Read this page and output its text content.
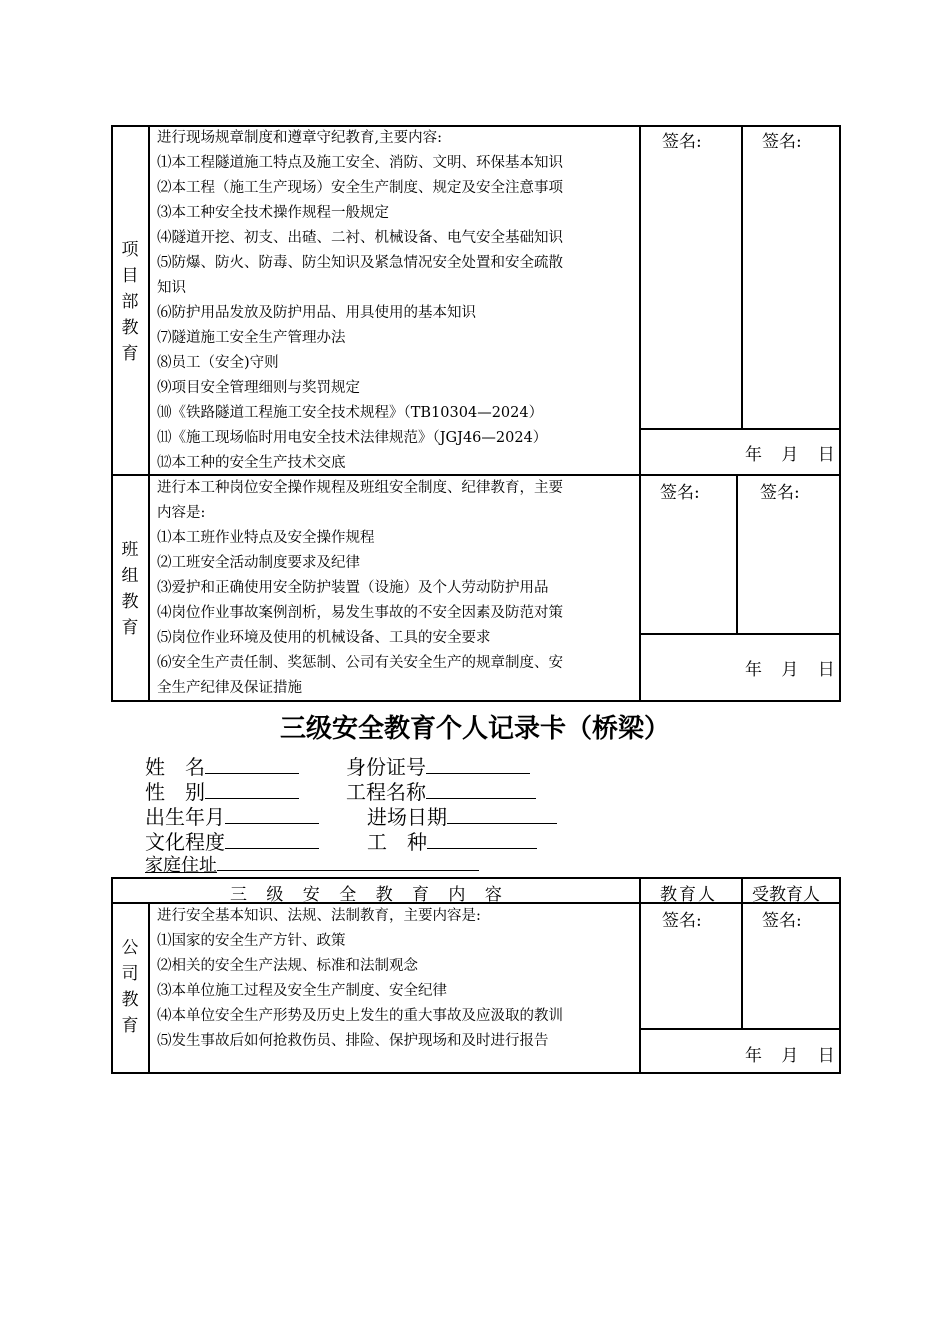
项目部教育
进行现场规章制度和遵章守纪教育,主要内容:
⑴本工程隧道施工特点及施工安全、消防、文明、环保基本知识
⑵本工程（施工生产现场）安全生产制度、规定及安全注意事项
⑶本工种安全技术操作规程一般规定
⑷隧道开挖、初支、出碴、二衬、机械设备、电气安全基础知识
⑸防爆、防火、防毒、防尘知识及紧急情况安全处置和安全疏散
知识
⑹防护用品发放及防护用品、用具使用的基本知识
⑺隧道施工安全生产管理办法
⑻员工（安全)守则
⑼项目安全管理细则与奖罚规定
⑽《铁路隧道工程施工安全技术规程》（TB10304—2024）
⑾《施工现场临时用电安全技术法律规范》（JGJ46—2024）
⑿本工种的安全生产技术交底
签名:	签名:
年 月 日
班组教育
进行本工种岗位安全操作规程及班组安全制度、纪律教育，主要
内容是:
⑴本工班作业特点及安全操作规程
⑵工班安全活动制度要求及纪律
⑶爱护和正确使用安全防护装置（设施）及个人劳动防护用品
⑷岗位作业事故案例剖析，易发生事故的不安全因素及防范对策
⑸岗位作业环境及使用的机械设备、工具的安全要求
⑹安全生产责任制、奖惩制、公司有关安全生产的规章制度、安
全生产纪律及保证措施
签名:	签名:
年 月 日
三级安全教育个人记录卡（桥梁）
姓　名	身份证号
性　别	工程名称
出生年月	进场日期
文化程度	工　种
家庭住址
三 级 安 全 教 育 内 容	教育人 受教育人
公司教育
进行安全基本知识、法规、法制教育，主要内容是:
⑴国家的安全生产方针、政策
⑵相关的安全生产法规、标准和法制观念
⑶本单位施工过程及安全生产制度、安全纪律
⑷本单位安全生产形势及历史上发生的重大事故及应汲取的教训
⑸发生事故后如何抢救伤员、排险、保护现场和及时进行报告
签名:	签名:
年 月 日
